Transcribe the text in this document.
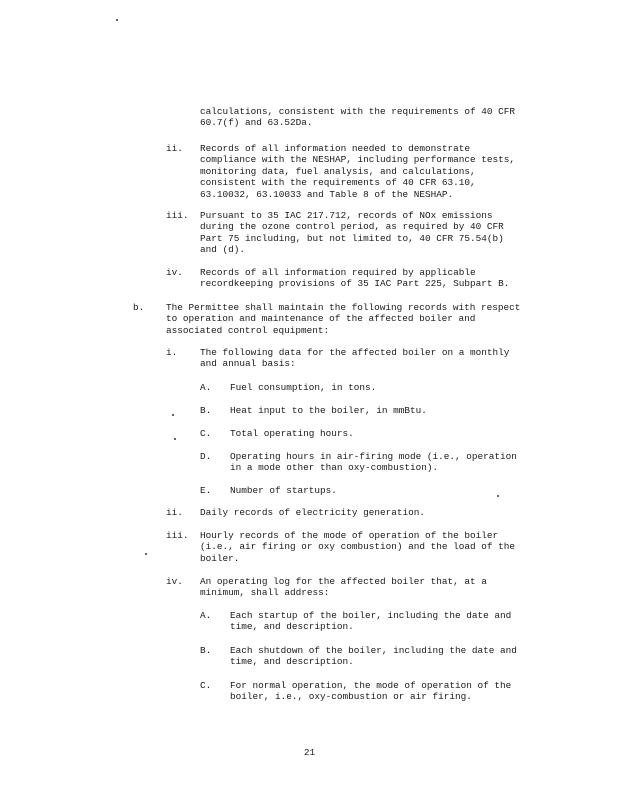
calculations, consistent with the requirements of 40 CFR
60.7(f) and 63.52Da.
ii. Records of all information needed to demonstrate
compliance with the NESHAP, including performance tests,
monitoring data, fuel analysis, and calculations,
consistent with the requirements of 40 CFR 63.10,
63.10032, 63.10033 and Table 8 of the NESHAP.
iii. Pursuant to 35 IAC 217.712, records of NOx emissions
during the ozone control period, as required by 40 CFR
Part 75 including, but not limited to, 40 CFR 75.54(b)
and (d).
iv. Records of all information required by applicable
recordkeeping provisions of 35 IAC Part 225, Subpart B.
b. The Permittee shall maintain the following records with respect
to operation and maintenance of the affected boiler and
associated control equipment:
i. The following data for the affected boiler on a monthly
and annual basis:
A. Fuel consumption, in tons.
B. Heat input to the boiler, in mmBtu.
C. Total operating hours.
D. Operating hours in air-firing mode (i.e., operation
in a mode other than oxy-combustion).
E. Number of startups.
ii. Daily records of electricity generation.
iii. Hourly records of the mode of operation of the boiler
(i.e., air firing or oxy combustion) and the load of the
boiler.
iv. An operating log for the affected boiler that, at a
minimum, shall address:
A. Each startup of the boiler, including the date and
time, and description.
B. Each shutdown of the boiler, including the date and
time, and description.
C. For normal operation, the mode of operation of the
boiler, i.e., oxy-combustion or air firing.
21
